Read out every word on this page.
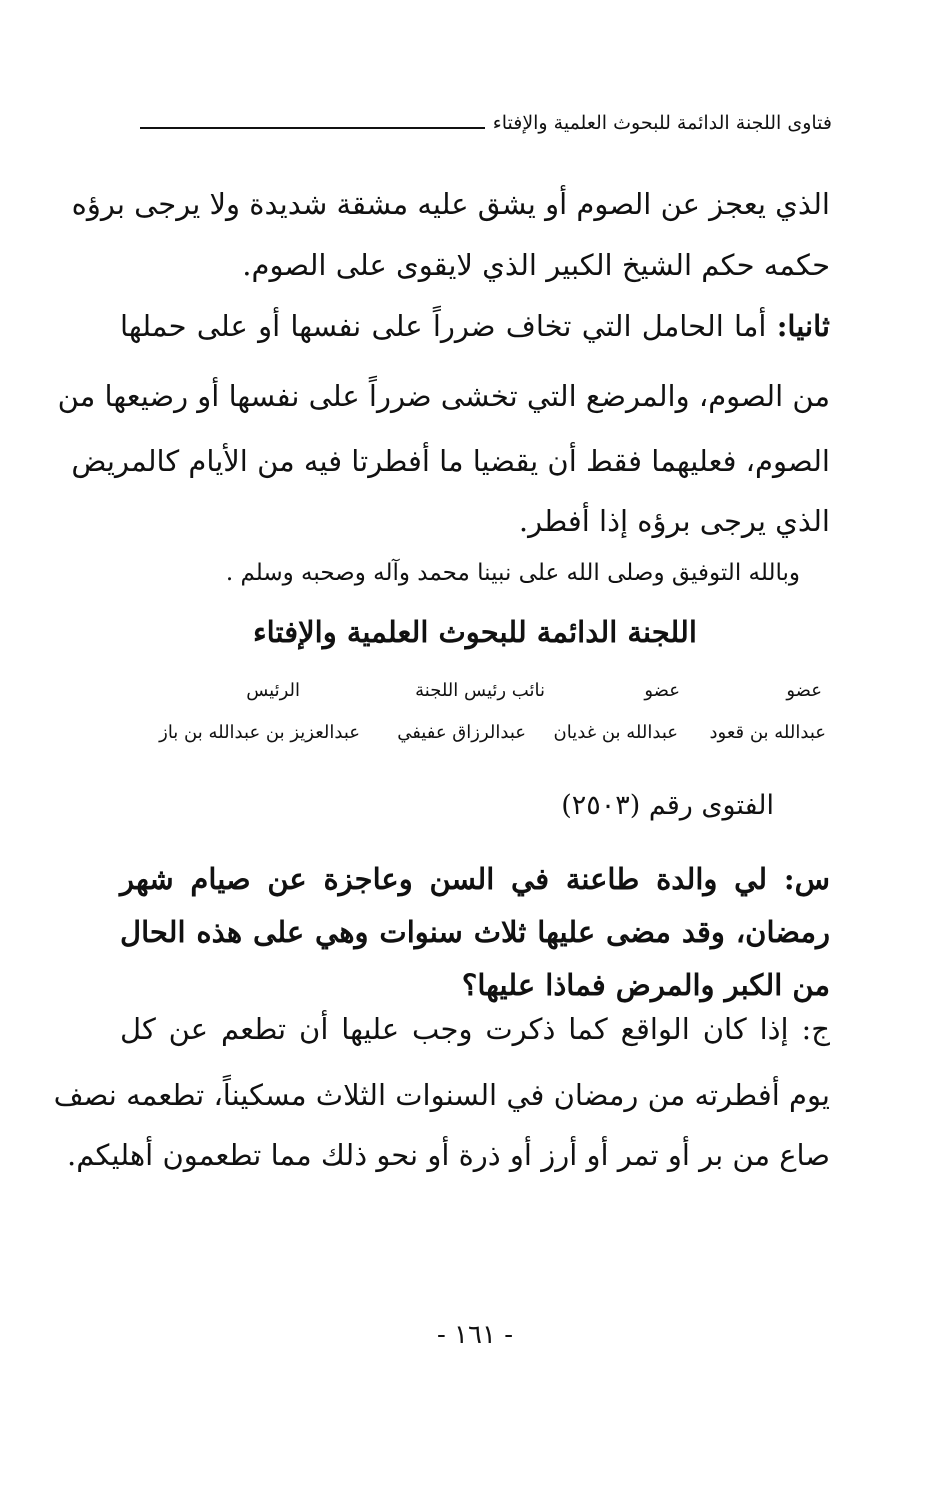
فتاوى اللجنة الدائمة للبحوث العلمية والإفتاء
الذي يعجز عن الصوم أو يشق عليه مشقة شديدة ولا يرجى برؤه
حكمه حكم الشيخ الكبير الذي لايقوى على الصوم.
ثانيا: أما الحامل التي تخاف ضرراً على نفسها أو على حملها
من الصوم، والمرضع التي تخشى ضرراً على نفسها أو رضيعها من
الصوم، فعليهما فقط أن يقضيا ما أفطرتا فيه من الأيام كالمريض
الذي يرجى برؤه إذا أفطر.
وبالله التوفيق وصلى الله على نبينا محمد وآله وصحبه وسلم .
اللجنة الدائمة للبحوث العلمية والإفتاء
عضو
عضو
نائب رئيس اللجنة
الرئيس
عبدالله بن قعود
عبدالله بن غديان
عبدالرزاق عفيفي
عبدالعزيز بن عبدالله بن باز
الفتوى رقم (٢٥٠٣)
س: لي والدة طاعنة في السن وعاجزة عن صيام شهر
رمضان، وقد مضى عليها ثلاث سنوات وهي على هذه الحال
من الكبر والمرض فماذا عليها؟
ج: إذا كان الواقع كما ذكرت وجب عليها أن تطعم عن كل
يوم أفطرته من رمضان في السنوات الثلاث مسكيناً، تطعمه نصف
صاع من بر أو تمر أو أرز أو ذرة أو نحو ذلك مما تطعمون أهليكم.
- ١٦١ -
